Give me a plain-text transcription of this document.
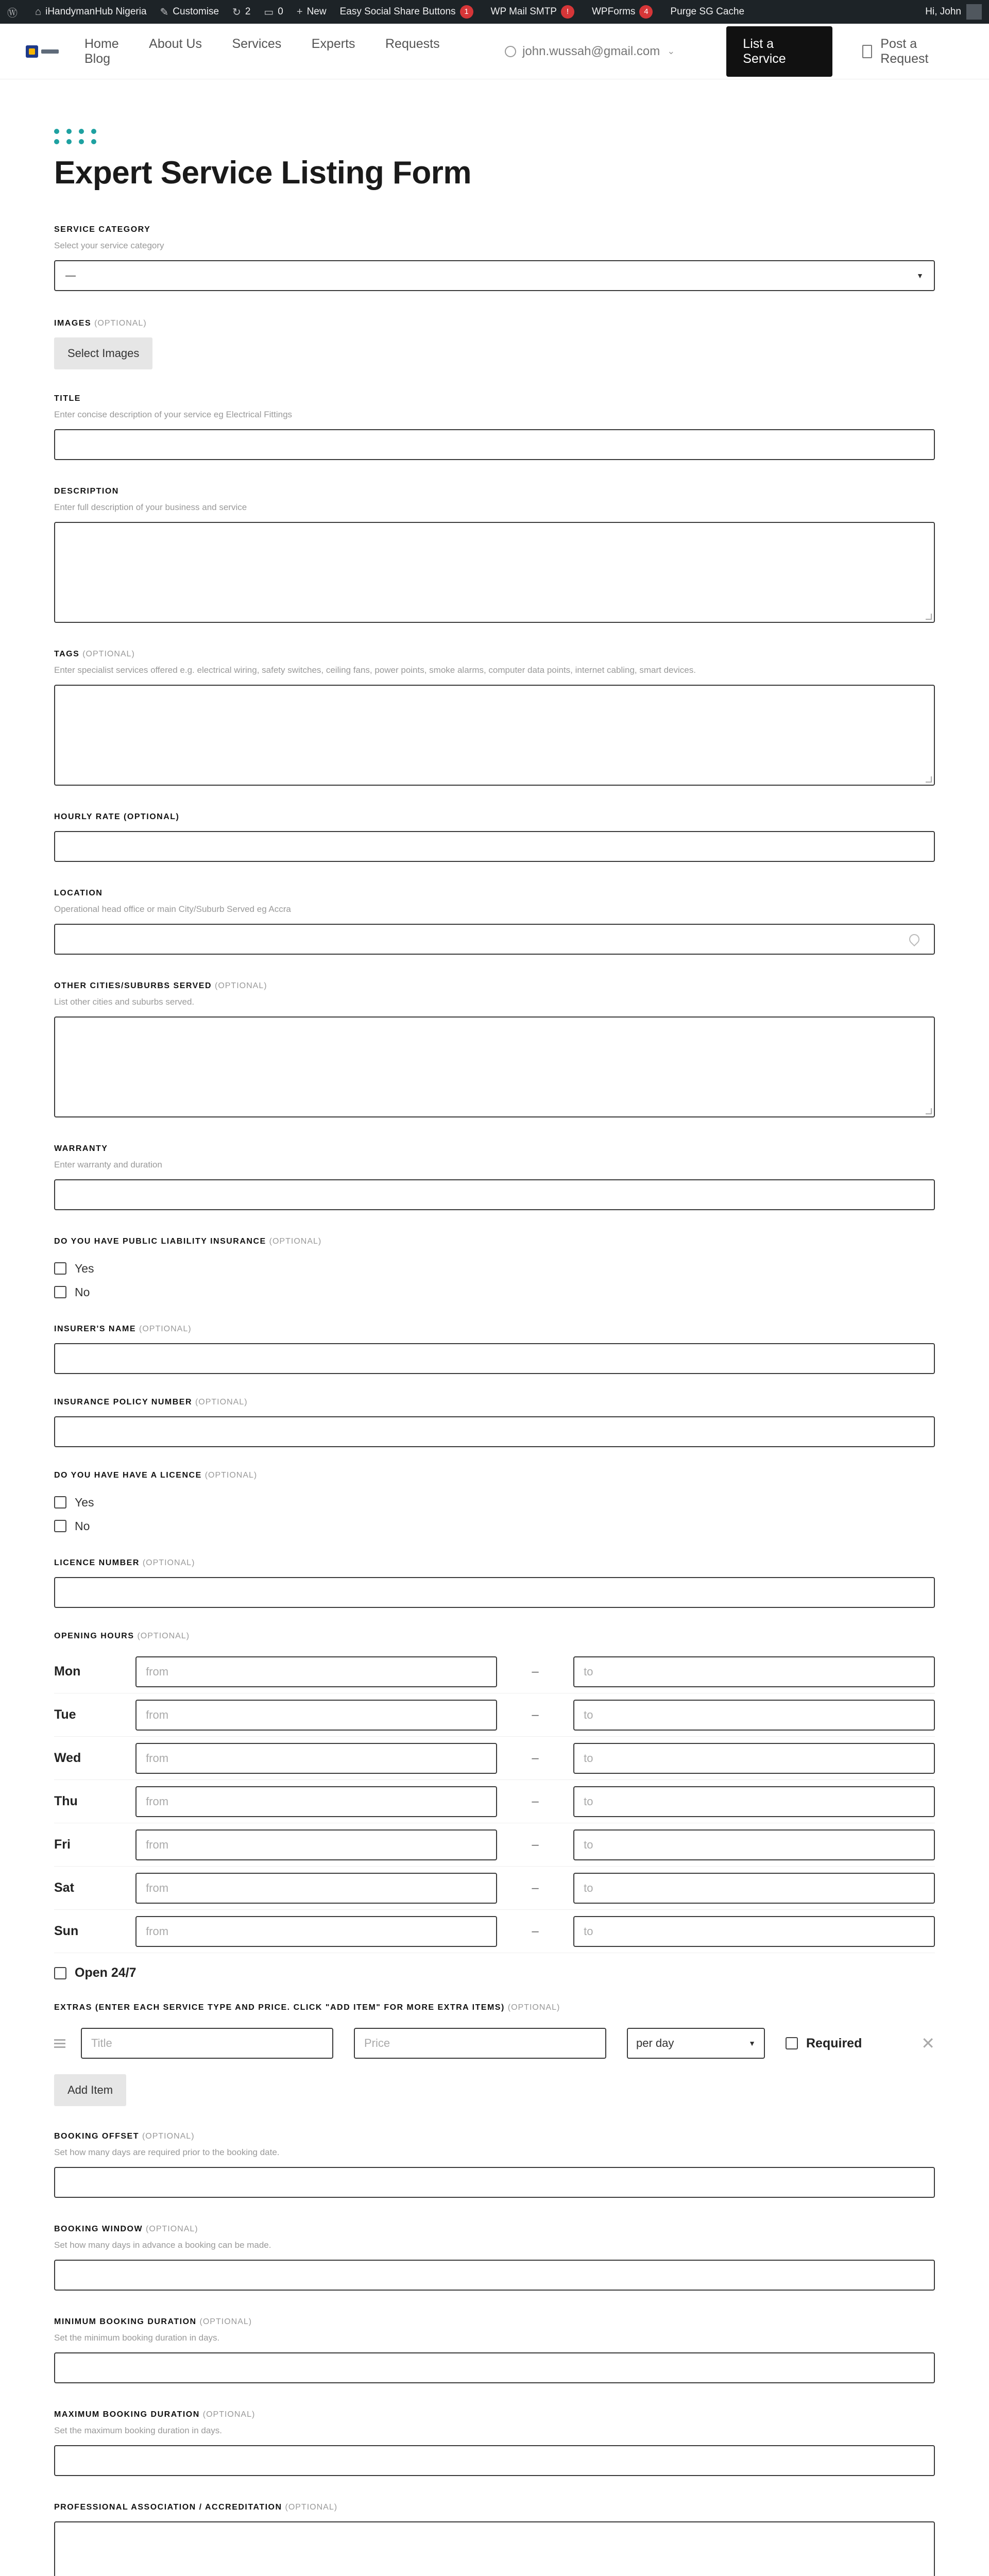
Ⓦ ⌂ iHandymanHub Nigeria ✎ Customise ↻ 2 ▭ 0 + New Easy Social Share Buttons	1	WP Mail SMTP	!	WPForms	4	Purge SG Cache	Hi, John
Home About Us Services Experts Requests Blog
john.wussah@gmail.com ⌄
List a Service
Post a Request
Expert Service Listing Form
SERVICE CATEGORY
Select your service category
—	▼
IMAGES (OPTIONAL)
Select Images
TITLE
Enter concise description of your service eg Electrical Fittings
DESCRIPTION
Enter full description of your business and service
TAGS (OPTIONAL)
Enter specialist services offered e.g. electrical wiring, safety switches, ceiling fans, power points, smoke alarms, computer data points, internet cabling, smart devices.
HOURLY RATE (OPTIONAL)
LOCATION
Operational head office or main City/Suburb Served eg Accra
OTHER CITIES/SUBURBS SERVED (OPTIONAL)
List other cities and suburbs served.
WARRANTY
Enter warranty and duration
DO YOU HAVE PUBLIC LIABILITY INSURANCE (OPTIONAL)
Yes
No
INSURER'S NAME (OPTIONAL)
INSURANCE POLICY NUMBER (OPTIONAL)
DO YOU HAVE HAVE A LICENCE (OPTIONAL)
Yes
No
LICENCE NUMBER (OPTIONAL)
OPENING HOURS (OPTIONAL)
Mon	from	–	to
Tue	from	–	to
Wed	from	–	to
Thu	from	–	to
Fri	from	–	to
Sat	from	–	to
Sun	from	–	to
Open 24/7
EXTRAS (ENTER EACH SERVICE TYPE AND PRICE. CLICK "ADD ITEM" FOR MORE EXTRA ITEMS) (OPTIONAL)
Title	Price	per day	▼	Required	✕
Add Item
BOOKING OFFSET (OPTIONAL)
Set how many days are required prior to the booking date.
BOOKING WINDOW (OPTIONAL)
Set how many days in advance a booking can be made.
MINIMUM BOOKING DURATION (OPTIONAL)
Set the minimum booking duration in days.
MAXIMUM BOOKING DURATION (OPTIONAL)
Set the maximum booking duration in days.
PROFESSIONAL ASSOCIATION / ACCREDITATION (OPTIONAL)
